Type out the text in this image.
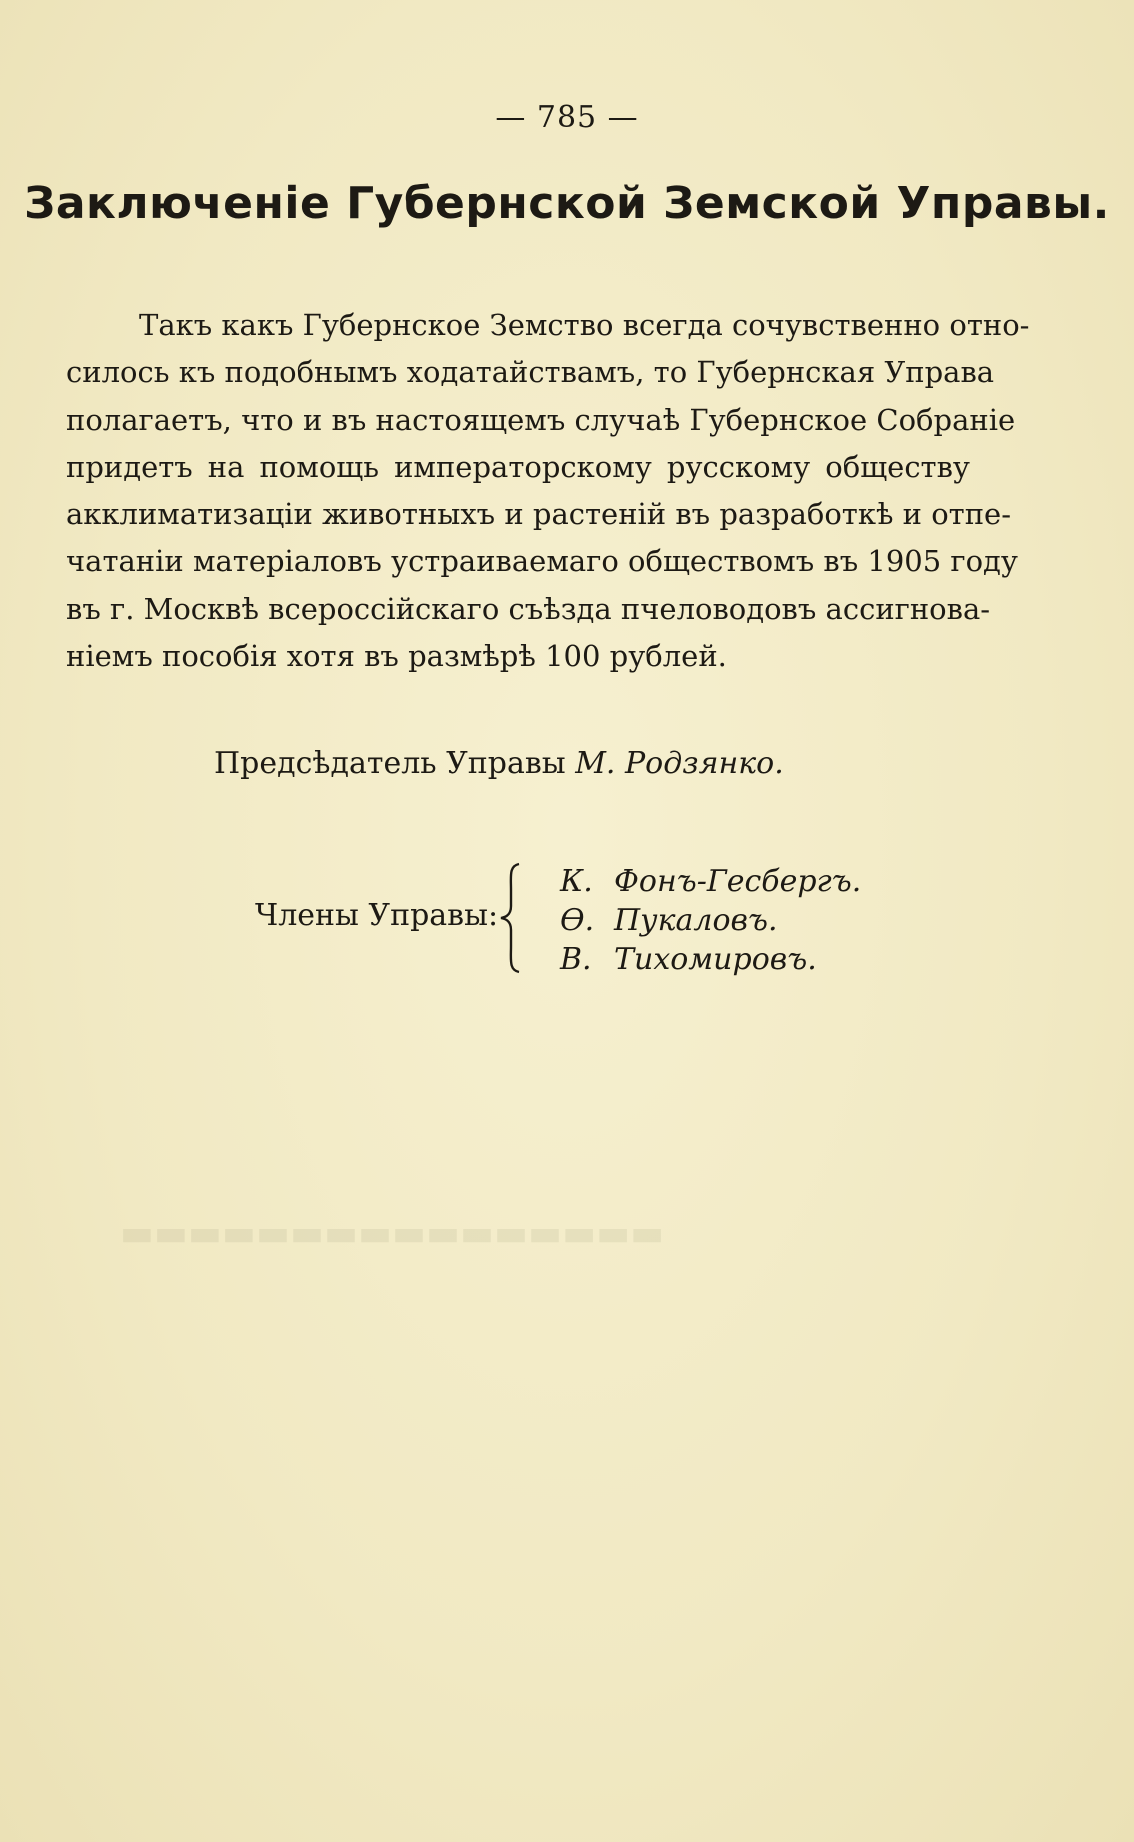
▬▬▬▬▬▬▬▬▬▬▬▬▬▬▬▬
— 785 —
Заключеніе Губернской Земской Управы.
Такъ какъ Губернское Земство всегда сочувственно отно-
силось къ подобнымъ ходатайствамъ, то Губернская Управа
полагаетъ, что и въ настоящемъ случаѣ Губернское Собраніе
придетъ на помощь императорскому русскому обществу
акклиматизаціи животныхъ и растеній въ разработкѣ и отпе-
чатаніи матеріаловъ устраиваемаго обществомъ въ 1905 году
въ г. Москвѣ всероссійскаго съѣзда пчеловодовъ ассигнова-
ніемъ пособія хотя въ размѣрѣ 100 рублей.
Предсѣдатель Управы М. Родзянко.
Члены Управы:
К. Фонъ-Гесбергъ.
Ѳ. Пукаловъ.
В. Тихомировъ.
